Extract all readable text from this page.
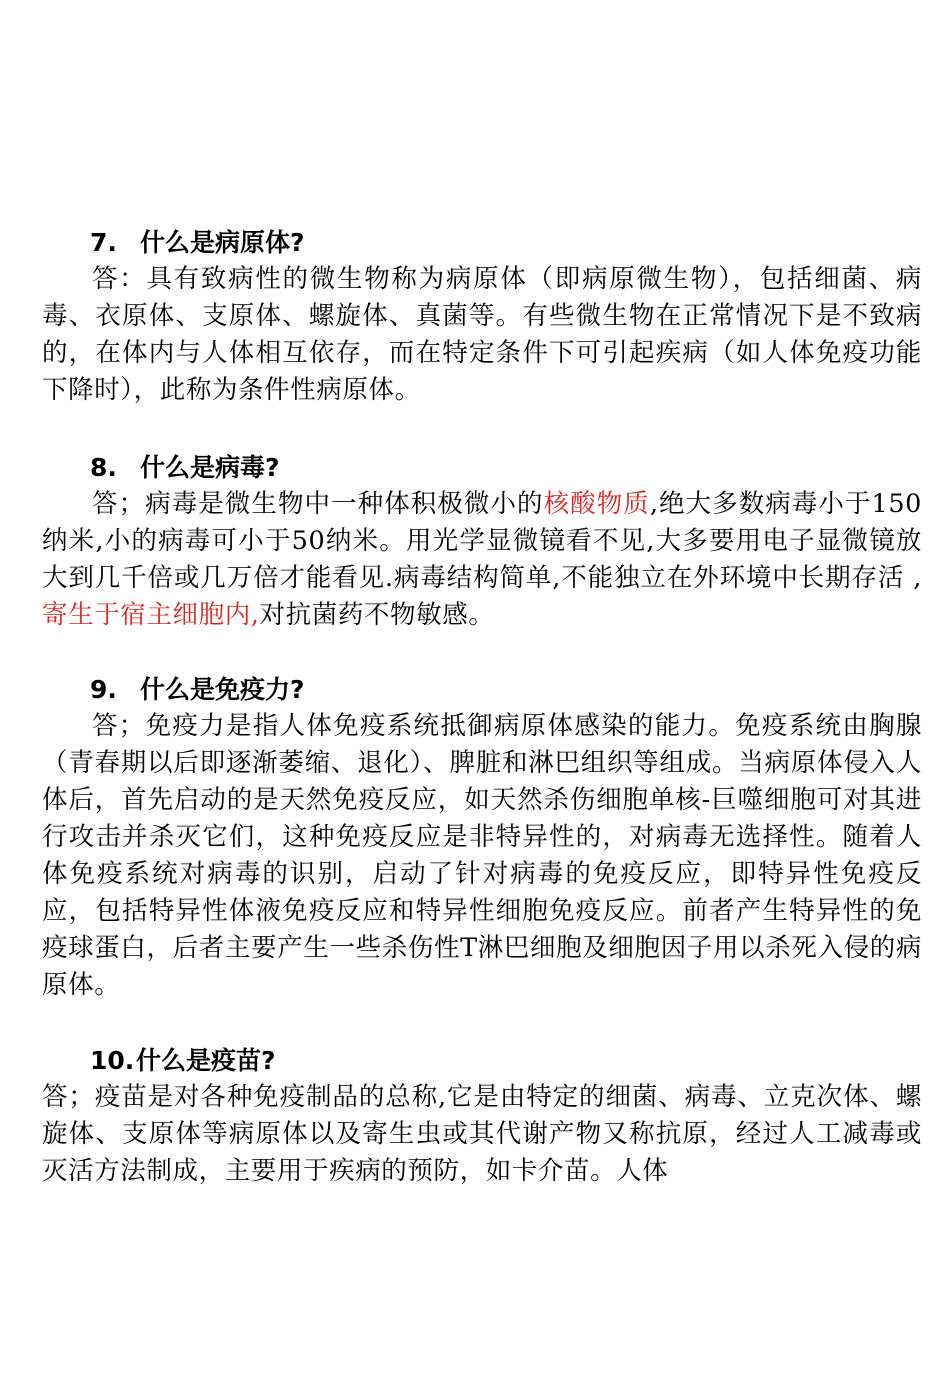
7. 什么是病原体?

答：具有致病性的微生物称为病原体（即病原微生物），包括细菌、病毒、衣原体、支原体、螺旋体、真菌等。有些微生物在正常情况下是不致病的，在体内与人体相互依存，而在特定条件下可引起疾病（如人体免疫功能下降时），此称为条件性病原体。

8. 什么是病毒?

答；病毒是微生物中一种体积极微小的核酸物质,绝大多数病毒小于150纳米,小的病毒可小于50纳米。用光学显微镜看不见,大多要用电子显微镜放大到几千倍或几万倍才能看见.病毒结构简单,不能独立在外环境中长期存活 ,寄生于宿主细胞内,对抗菌药不物敏感。

9. 什么是免疫力?

答；免疫力是指人体免疫系统抵御病原体感染的能力。免疫系统由胸腺（青春期以后即逐渐萎缩、退化）、脾脏和淋巴组织等组成。当病原体侵入人体后，首先启动的是天然免疫反应，如天然杀伤细胞单核-巨噬细胞可对其进行攻击并杀灭它们，这种免疫反应是非特异性的，对病毒无选择性。随着人体免疫系统对病毒的识别，启动了针对病毒的免疫反应，即特异性免疫反应，包括特异性体液免疫反应和特异性细胞免疫反应。前者产生特异性的免疫球蛋白，后者主要产生一些杀伤性T淋巴细胞及细胞因子用以杀死入侵的病原体。

10.什么是疫苗?

答；疫苗是对各种免疫制品的总称,它是由特定的细菌、病毒、立克次体、螺旋体、支原体等病原体以及寄生虫或其代谢产物又称抗原，经过人工减毒或灭活方法制成，主要用于疾病的预防，如卡介苗。人体
